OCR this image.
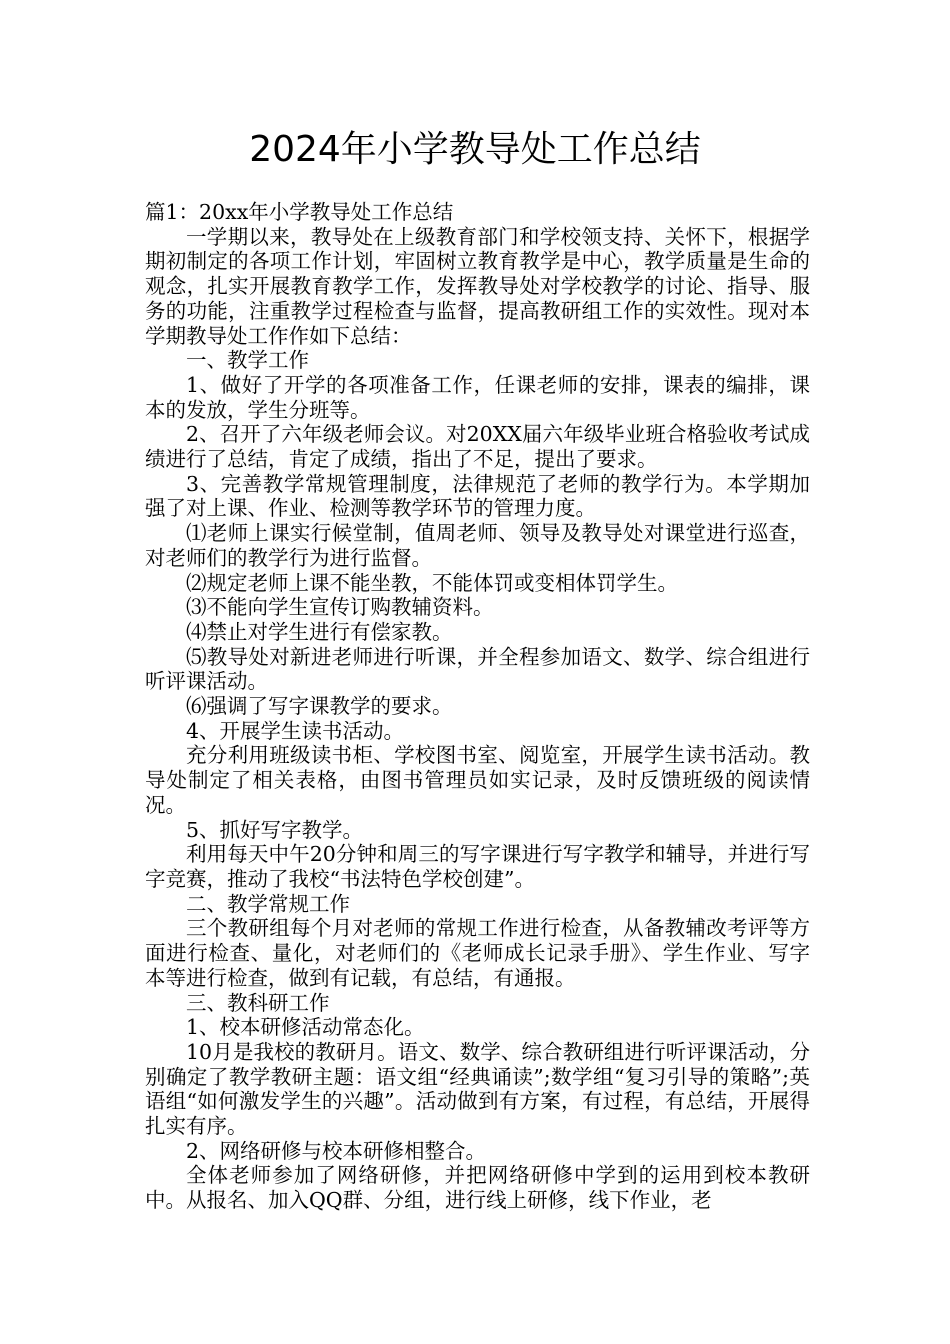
2024年小学教导处工作总结

篇1：20xx年小学教导处工作总结

一学期以来，教导处在上级教育部门和学校领支持、关怀下，根据学期初制定的各项工作计划，牢固树立教育教学是中心，教学质量是生命的观念，扎实开展教育教学工作，发挥教导处对学校教学的讨论、指导、服务的功能，注重教学过程检查与监督，提高教研组工作的实效性。现对本学期教导处工作作如下总结：

一、教学工作

1、做好了开学的各项准备工作，任课老师的安排，课表的编排，课本的发放，学生分班等。

2、召开了六年级老师会议。对20XX届六年级毕业班合格验收考试成绩进行了总结，肯定了成绩，指出了不足，提出了要求。

3、完善教学常规管理制度，法律规范了老师的教学行为。本学期加强了对上课、作业、检测等教学环节的管理力度。

⑴老师上课实行候堂制，值周老师、领导及教导处对课堂进行巡查，对老师们的教学行为进行监督。

⑵规定老师上课不能坐教，不能体罚或变相体罚学生。

⑶不能向学生宣传订购教辅资料。

⑷禁止对学生进行有偿家教。

⑸教导处对新进老师进行听课，并全程参加语文、数学、综合组进行听评课活动。

⑹强调了写字课教学的要求。

4、开展学生读书活动。

充分利用班级读书柜、学校图书室、阅览室，开展学生读书活动。教导处制定了相关表格，由图书管理员如实记录，及时反馈班级的阅读情况。

5、抓好写字教学。

利用每天中午20分钟和周三的写字课进行写字教学和辅导，并进行写字竞赛，推动了我校“书法特色学校创建”。

二、教学常规工作

三个教研组每个月对老师的常规工作进行检查，从备教辅改考评等方面进行检查、量化，对老师们的《老师成长记录手册》、学生作业、写字本等进行检查，做到有记载，有总结，有通报。

三、教科研工作

1、校本研修活动常态化。

10月是我校的教研月。语文、数学、综合教研组进行听评课活动，分别确定了教学教研主题：语文组“经典诵读”;数学组“复习引导的策略”;英语组“如何激发学生的兴趣”。活动做到有方案，有过程，有总结，开展得扎实有序。

2、网络研修与校本研修相整合。

全体老师参加了网络研修，并把网络研修中学到的运用到校本教研中。从报名、加入QQ群、分组，进行线上研修，线下作业，老
